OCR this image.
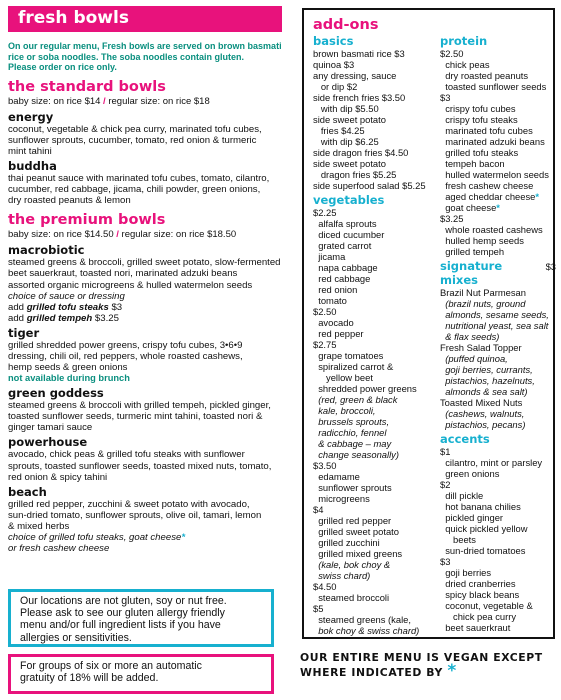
fresh bowls
On our regular menu, Fresh bowls are served on brown basmati
rice or soba noodles. The soba noodles contain gluten.
Please order on rice only.
the standard bowls
baby size: on rice $14 / regular size: on rice $18
energy
coconut, vegetable & chick pea curry, marinated tofu cubes,
sunflower sprouts, cucumber, tomato, red onion & turmeric
mint tahini
buddha
thai peanut sauce with marinated tofu cubes, tomato, cilantro,
cucumber, red cabbage, jicama, chili powder, green onions,
dry roasted peanuts & lemon
the premium bowls
baby size: on rice $14.50 / regular size: on rice $18.50
macrobiotic
steamed greens & broccoli, grilled sweet potato, slow-fermented
beet sauerkraut, toasted nori, marinated adzuki beans
assorted organic microgreens & hulled watermelon seeds
choice of sauce or dressing
add grilled tofu steaks $3
add grilled tempeh $3.25
tiger
grilled shredded power greens, crispy tofu cubes, 3•6•9
dressing, chili oil, red peppers, whole roasted cashews,
hemp seeds & green onions
not available during brunch
green goddess
steamed greens & broccoli with grilled tempeh, pickled ginger,
toasted sunflower seeds, turmeric mint tahini, toasted nori &
ginger tamari sauce
powerhouse
avocado, chick peas & grilled tofu steaks with sunflower
sprouts, toasted sunflower seeds, toasted mixed nuts, tomato,
red onion & spicy tahini
beach
grilled red pepper, zucchini & sweet potato with avocado,
sun-dried tomato, sunflower sprouts, olive oil, tamari, lemon
& mixed herbs
choice of grilled tofu steaks, goat cheese*
or fresh cashew cheese
Our locations are not gluten, soy or nut free.
Please ask to see our gluten allergy friendly
menu and/or full ingredient lists if you have
allergies or sensitivities.
For groups of six or more an automatic
gratuity of 18% will be added.
add-ons
basics
brown basmati rice $3
quinoa $3
any dressing, sauce
or dip $2
side french fries $3.50
with dip $5.50
side sweet potato
fries $4.25
with dip $6.25
side dragon fries $4.50
side sweet potato
dragon fries $5.25
side superfood salad $5.25
vegetables
$2.25
alfalfa sprouts
diced cucumber
grated carrot
jicama
napa cabbage
red cabbage
red onion
tomato
$2.50
avocado
red pepper
$2.75
grape tomatoes
spiralized carrot &
yellow beet
shredded power greens
(red, green & black
kale, broccoli,
brussels sprouts,
radicchio, fennel
& cabbage – may
change seasonally)
$3.50
edamame
sunflower sprouts
microgreens
$4
grilled red pepper
grilled sweet potato
grilled zucchini
grilled mixed greens
(kale, bok choy &
swiss chard)
$4.50
steamed broccoli
$5
steamed greens (kale,
bok choy & swiss chard)
protein
$2.50
chick peas
dry roasted peanuts
toasted sunflower seeds
$3
crispy tofu cubes
crispy tofu steaks
marinated tofu cubes
marinated adzuki beans
grilled tofu steaks
tempeh bacon
hulled watermelon seeds
fresh cashew cheese
aged cheddar cheese*
goat cheese*
$3.25
whole roasted cashews
hulled hemp seeds
grilled tempeh
signature mixes
$3
Brazil Nut Parmesan
(brazil nuts, ground
almonds, sesame seeds,
nutritional yeast, sea salt
& flax seeds)
Fresh Salad Topper
(puffed quinoa,
goji berries, currants,
pistachios, hazelnuts,
almonds & sea salt)
Toasted Mixed Nuts
(cashews, walnuts,
pistachios, pecans)
accents
$1
cilantro, mint or parsley
green onions
$2
dill pickle
hot banana chilies
pickled ginger
quick pickled yellow
beets
sun-dried tomatoes
$3
goji berries
dried cranberries
spicy black beans
coconut, vegetable &
chick pea curry
beet sauerkraut
OUR ENTIRE MENU IS VEGAN EXCEPT
WHERE INDICATED BY *
